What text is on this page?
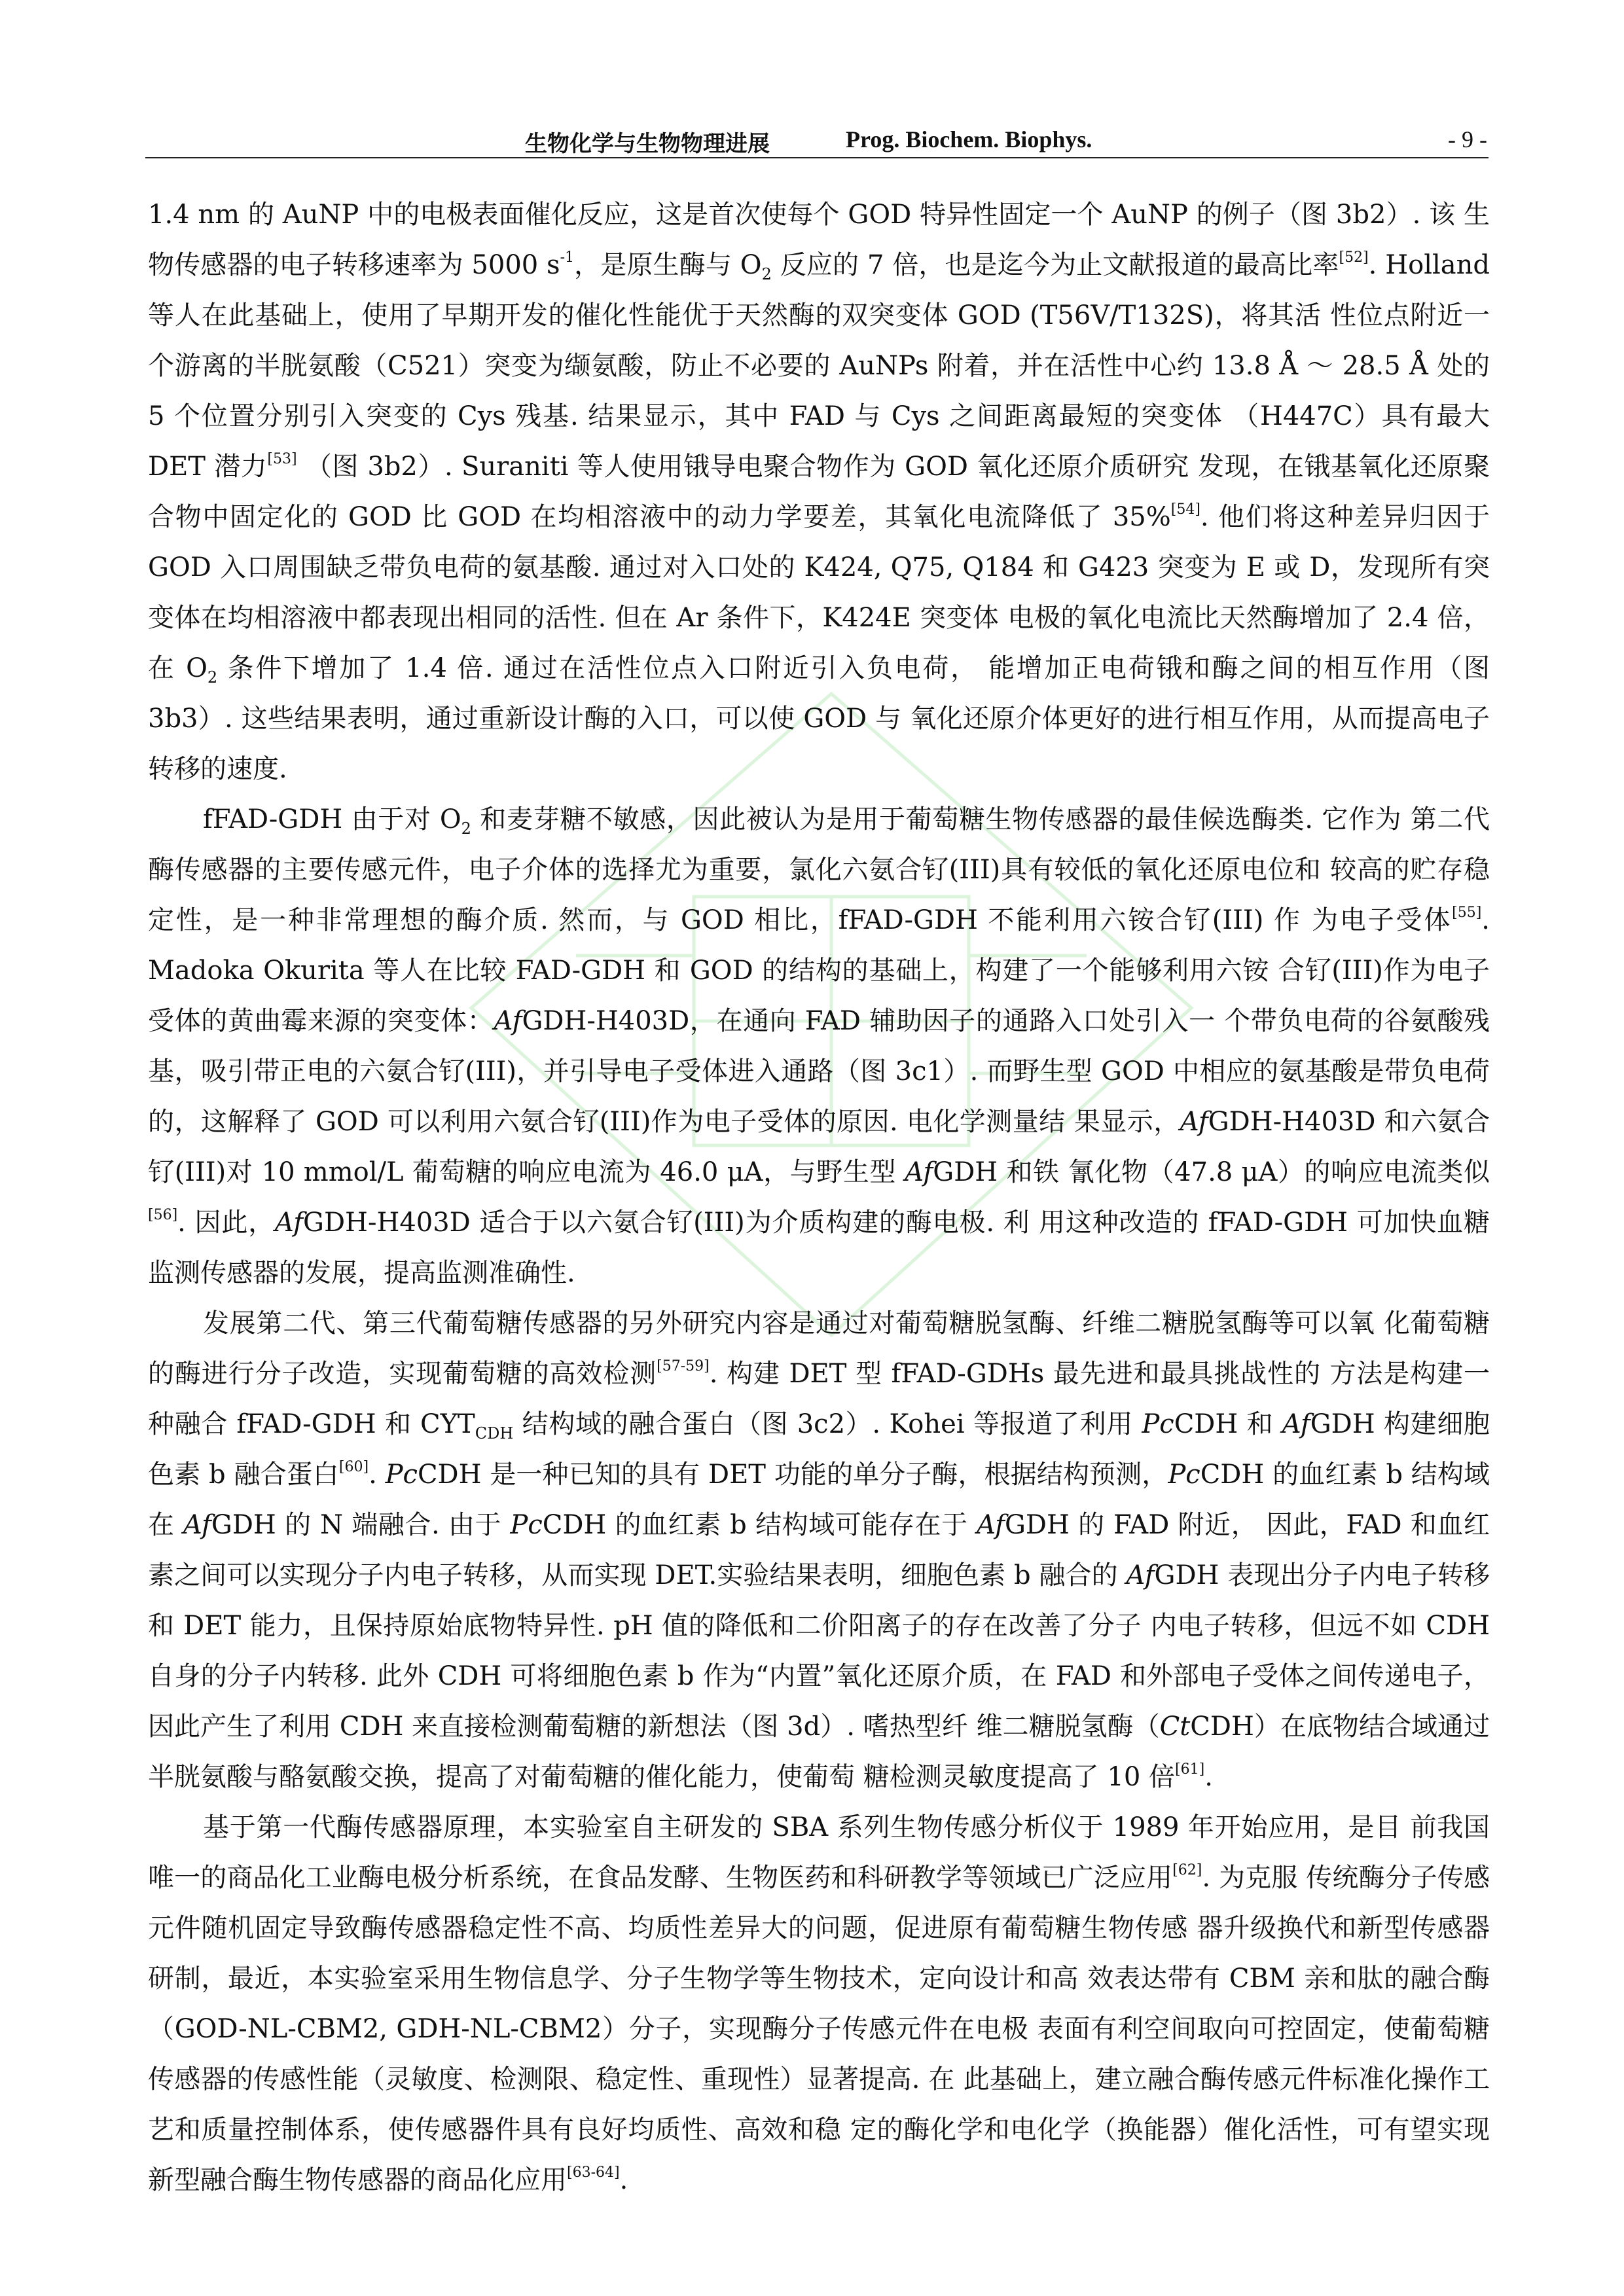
生物化学与生物物理进展	Prog. Biochem. Biophys.	- 9 -

1.4 nm 的 AuNP 中的电极表面催化反应，这是首次使每个 GOD 特异性固定一个 AuNP 的例子（图 3b2）. 该 生物传感器的电子转移速率为 5000 $s^{-1}$，是原生酶与 $O_2$ 反应的 7 倍，也是迄今为止文献报道的最高比率[52]. Holland 等人在此基础上，使用了早期开发的催化性能优于天然酶的双突变体 GOD (T56V/T132S)，将其活 性位点附近一个游离的半胱氨酸（C521）突变为缬氨酸，防止不必要的 AuNPs 附着，并在活性中心约 13.8 Å ～ 28.5 Å 处的 5 个位置分别引入突变的 Cys 残基. 结果显示，其中 FAD 与 Cys 之间距离最短的突变体 （H447C）具有最大 DET 潜力[53] （图 3b2）. Suraniti 等人使用锇导电聚合物作为 GOD 氧化还原介质研究 发现，在锇基氧化还原聚合物中固定化的 GOD 比 GOD 在均相溶液中的动力学要差，其氧化电流降低了 35%[54]. 他们将这种差异归因于 GOD 入口周围缺乏带负电荷的氨基酸. 通过对入口处的 K424, Q75, Q184 和 G423 突变为 E 或 D，发现所有突变体在均相溶液中都表现出相同的活性. 但在 Ar 条件下，K424E 突变体 电极的氧化电流比天然酶增加了 2.4 倍，在 $O_2$ 条件下增加了 1.4 倍. 通过在活性位点入口附近引入负电荷， 能增加正电荷锇和酶之间的相互作用（图 3b3）. 这些结果表明，通过重新设计酶的入口，可以使 GOD 与 氧化还原介体更好的进行相互作用，从而提高电子转移的速度.

fFAD-GDH 由于对 $O_2$ 和麦芽糖不敏感，因此被认为是用于葡萄糖生物传感器的最佳候选酶类. 它作为 第二代酶传感器的主要传感元件，电子介体的选择尤为重要，氯化六氨合钌(III)具有较低的氧化还原电位和 较高的贮存稳定性，是一种非常理想的酶介质. 然而，与 GOD 相比，fFAD-GDH 不能利用六铵合钌(III) 作 为电子受体[55]. Madoka Okurita 等人在比较 FAD-GDH 和 GOD 的结构的基础上，构建了一个能够利用六铵 合钌(III)作为电子受体的黄曲霉来源的突变体：AfGDH-H403D，在通向 FAD 辅助因子的通路入口处引入一 个带负电荷的谷氨酸残基，吸引带正电的六氨合钌(III)，并引导电子受体进入通路（图 3c1）. 而野生型 GOD 中相应的氨基酸是带负电荷的，这解释了 GOD 可以利用六氨合钌(III)作为电子受体的原因. 电化学测量结 果显示，AfGDH-H403D 和六氨合钌(III)对 10 mmol/L 葡萄糖的响应电流为 46.0 μA，与野生型 AfGDH 和铁 氰化物（47.8 μA）的响应电流类似[56]. 因此，AfGDH-H403D 适合于以六氨合钌(III)为介质构建的酶电极. 利 用这种改造的 fFAD-GDH 可加快血糖监测传感器的发展，提高监测准确性.

发展第二代、第三代葡萄糖传感器的另外研究内容是通过对葡萄糖脱氢酶、纤维二糖脱氢酶等可以氧 化葡萄糖的酶进行分子改造，实现葡萄糖的高效检测[57-59]. 构建 DET 型 fFAD-GDHs 最先进和最具挑战性的 方法是构建一种融合 fFAD-GDH 和 $CYT_{CDH}$ 结构域的融合蛋白（图 3c2）. Kohei 等报道了利用 PcCDH 和 AfGDH 构建细胞色素 b 融合蛋白[60]. PcCDH 是一种已知的具有 DET 功能的单分子酶，根据结构预测，PcCDH 的血红素 b 结构域在 AfGDH 的 N 端融合. 由于 PcCDH 的血红素 b 结构域可能存在于 AfGDH 的 FAD 附近， 因此，FAD 和血红素之间可以实现分子内电子转移，从而实现 DET.实验结果表明，细胞色素 b 融合的 AfGDH 表现出分子内电子转移和 DET 能力，且保持原始底物特异性. pH 值的降低和二价阳离子的存在改善了分子 内电子转移，但远不如 CDH 自身的分子内转移. 此外 CDH 可将细胞色素 b 作为“内置”氧化还原介质，在 FAD 和外部电子受体之间传递电子，因此产生了利用 CDH 来直接检测葡萄糖的新想法（图 3d）. 嗜热型纤 维二糖脱氢酶（CtCDH）在底物结合域通过半胱氨酸与酪氨酸交换，提高了对葡萄糖的催化能力，使葡萄 糖检测灵敏度提高了 10 倍[61].

基于第一代酶传感器原理，本实验室自主研发的 SBA 系列生物传感分析仪于 1989 年开始应用，是目 前我国唯一的商品化工业酶电极分析系统，在食品发酵、生物医药和科研教学等领域已广泛应用[62]. 为克服 传统酶分子传感元件随机固定导致酶传感器稳定性不高、均质性差异大的问题，促进原有葡萄糖生物传感 器升级换代和新型传感器研制，最近，本实验室采用生物信息学、分子生物学等生物技术，定向设计和高 效表达带有 CBM 亲和肽的融合酶（GOD-NL-CBM2, GDH-NL-CBM2）分子，实现酶分子传感元件在电极 表面有利空间取向可控固定，使葡萄糖传感器的传感性能（灵敏度、检测限、稳定性、重现性）显著提高. 在 此基础上，建立融合酶传感元件标准化操作工艺和质量控制体系，使传感器件具有良好均质性、高效和稳 定的酶化学和电化学（换能器）催化活性，可有望实现新型融合酶生物传感器的商品化应用[63-64].
